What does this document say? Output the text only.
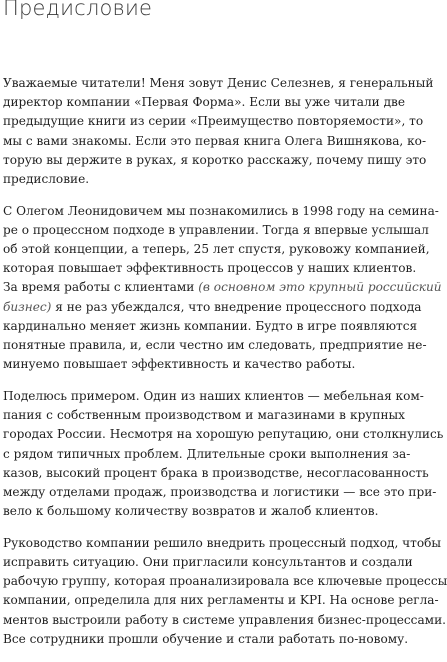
Предисловие
Уважаемые читатели! Меня зовут Денис Селезнев, я генеральный
директор компании «Первая Форма». Если вы уже читали две
предыдущие книги из серии «Преимущество повторяемости», то
мы с вами знакомы. Если это первая книга Олега Вишнякова, ко-
торую вы держите в руках, я коротко расскажу, почему пишу это
предисловие.
С Олегом Леонидовичем мы познакомились в 1998 году на семина-
ре о процессном подходе в управлении. Тогда я впервые услышал
об этой концепции, а теперь, 25 лет спустя, руковожу компанией,
которая повышает эффективность процессов у наших клиентов.
За время работы с клиентами (в основном это крупный российский
бизнес) я не раз убеждался, что внедрение процессного подхода
кардинально меняет жизнь компании. Будто в игре появляются
понятные правила, и, если честно им следовать, предприятие не-
минуемо повышает эффективность и качество работы.
Поделюсь примером. Один из наших клиентов — мебельная ком-
пания с собственным производством и магазинами в крупных
городах России. Несмотря на хорошую репутацию, они столкнулись
с рядом типичных проблем. Длительные сроки выполнения за-
казов, высокий процент брака в производстве, несогласованность
между отделами продаж, производства и логистики — все это при-
вело к большому количеству возвратов и жалоб клиентов.
Руководство компании решило внедрить процессный подход, чтобы
исправить ситуацию. Они пригласили консультантов и создали
рабочую группу, которая проанализировала все ключевые процессы
компании, определила для них регламенты и KPI. На основе регла-
ментов выстроили работу в системе управления бизнес-процессами.
Все сотрудники прошли обучение и стали работать по-новому.
